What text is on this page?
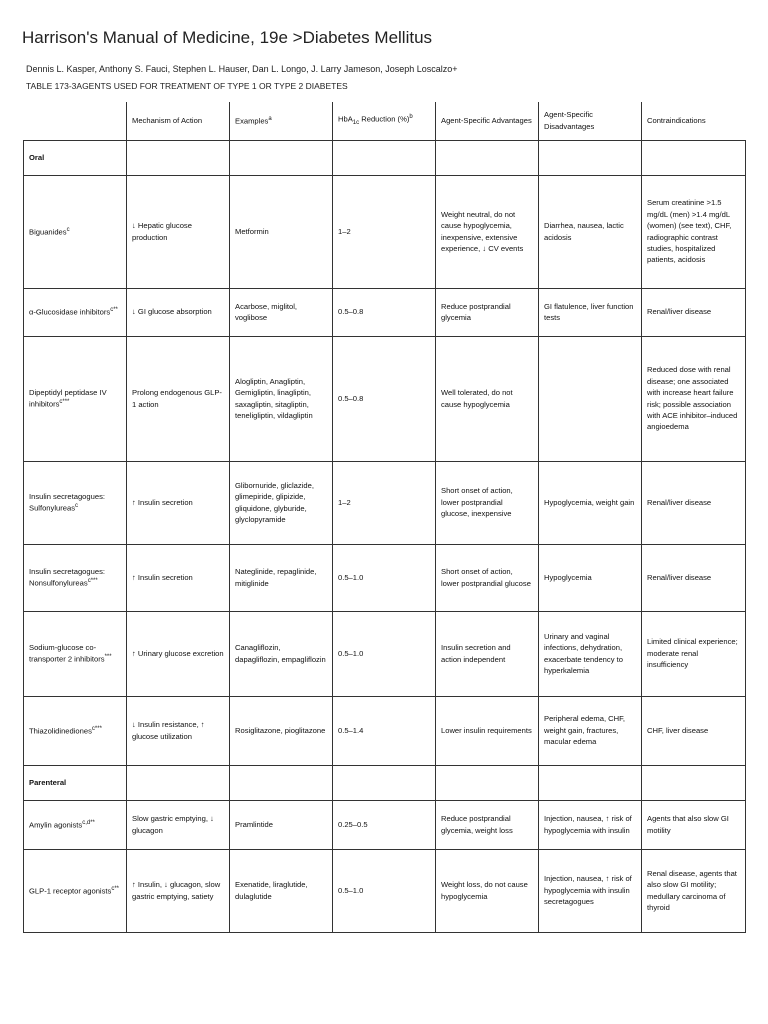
Harrison's Manual of Medicine, 19e >Diabetes Mellitus
Dennis L. Kasper, Anthony S. Fauci, Stephen L. Hauser, Dan L. Longo, J. Larry Jameson, Joseph Loscalzo+
TABLE 173-3AGENTS USED FOR TREATMENT OF TYPE 1 OR TYPE 2 DIABETES
	Mechanism of Action	Examples$^a$	HbA$_{1c}$ Reduction (%)$^b$	Agent-Specific Advantages	Agent-Specific Disadvantages	Contraindications
Oral						
Biguanides$^c$	↓ Hepatic glucose production	Metformin	1–2	Weight neutral, do not cause hypoglycemia, inexpensive, extensive experience, ↓ CV events	Diarrhea, nausea, lactic acidosis	Serum creatinine >1.5 mg/dL (men) >1.4 mg/dL (women) (see text), CHF, radiographic contrast studies, hospitalized patients, acidosis
α-Glucosidase inhibitors$^{c**}$	↓ GI glucose absorption	Acarbose, miglitol, voglibose	0.5–0.8	Reduce postprandial glycemia	GI flatulence, liver function tests	Renal/liver disease
Dipeptidyl peptidase IV inhibitors$^{c***}$	Prolong endogenous GLP-1 action	Alogliptin, Anagliptin, Gemigliptin, linagliptin, saxagliptin, sitagliptin, teneligliptin, vildagliptin	0.5–0.8	Well tolerated, do not cause hypoglycemia		Reduced dose with renal disease; one associated with increase heart failure risk; possible association with ACE inhibitor–induced angioedema
Insulin secretagogues: Sulfonylureas$^c$	↑ Insulin secretion	Glibornuride, gliclazide, glimepiride, glipizide, gliquidone, glyburide, glyclopyramide	1–2	Short onset of action, lower postprandial glucose, inexpensive	Hypoglycemia, weight gain	Renal/liver disease
Insulin secretagogues: Nonsulfonylureas$^{c***}$	↑ Insulin secretion	Nateglinide, repaglinide, mitiglinide	0.5–1.0	Short onset of action, lower postprandial glucose	Hypoglycemia	Renal/liver disease
Sodium-glucose co-transporter 2 inhibitors***	↑ Urinary glucose excretion	Canagliflozin, dapagliflozin, empagliflozin	0.5–1.0	Insulin secretion and action independent	Urinary and vaginal infections, dehydration, exacerbate tendency to hyperkalemia	Limited clinical experience; moderate renal insufficiency
Thiazolidinediones$^{c***}$	↓ Insulin resistance, ↑ glucose utilization	Rosiglitazone, pioglitazone	0.5–1.4	Lower insulin requirements	Peripheral edema, CHF, weight gain, fractures, macular edema	CHF, liver disease
Parenteral						
Amylin agonists$^{c,d**}$	Slow gastric emptying, ↓ glucagon	Pramlintide	0.25–0.5	Reduce postprandial glycemia, weight loss	Injection, nausea, ↑ risk of hypoglycemia with insulin	Agents that also slow GI motility
GLP-1 receptor agonists$^{c**}$	↑ Insulin, ↓ glucagon, slow gastric emptying, satiety	Exenatide, liraglutide, dulaglutide	0.5–1.0	Weight loss, do not cause hypoglycemia	Injection, nausea, ↑ risk of hypoglycemia with insulin secretagogues	Renal disease, agents that also slow GI motility; medullary carcinoma of thyroid
